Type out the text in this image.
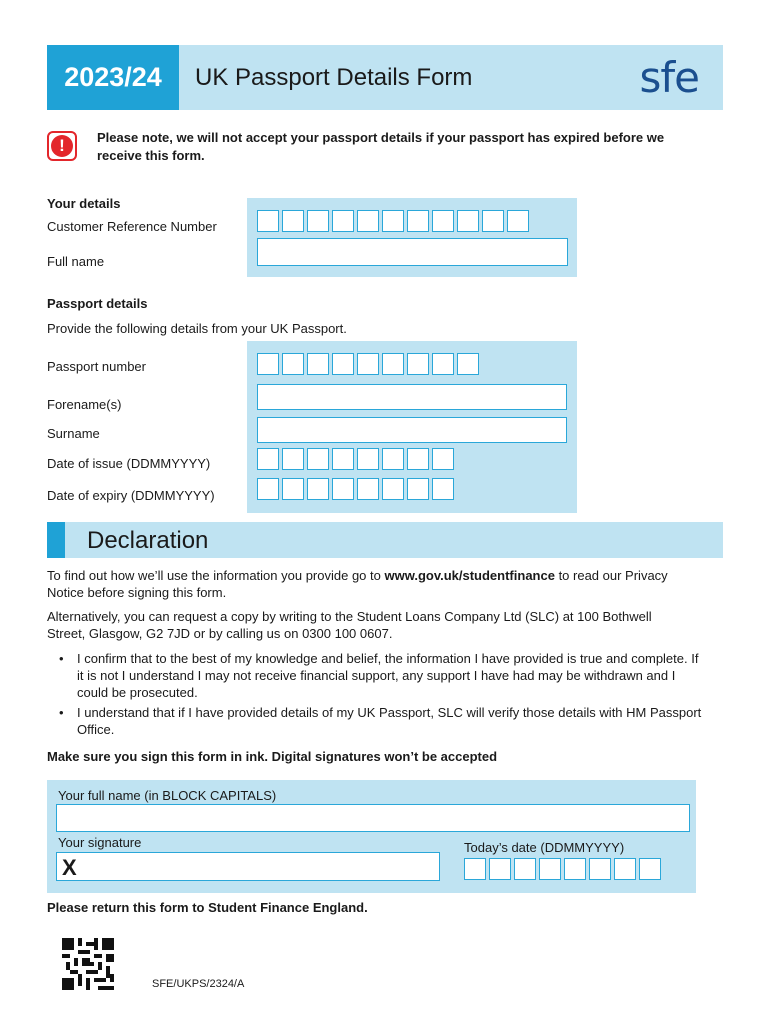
2023/24	UK Passport Details Form	sfe
!	Please note, we will not accept your passport details if your passport has expired before we receive this form.
Your details
Customer Reference Number
Full name
Passport details
Provide the following details from your UK Passport.
Passport number
Forename(s)
Surname
Date of issue (DDMMYYYY)
Date of expiry (DDMMYYYY)
Declaration
To find out how we’ll use the information you provide go to www.gov.uk/studentfinance to read our Privacy Notice before signing this form.
Alternatively, you can request a copy by writing to the Student Loans Company Ltd (SLC) at 100 Bothwell Street, Glasgow, G2 7JD or by calling us on 0300 100 0607.
• I confirm that to the best of my knowledge and belief, the information I have provided is true and complete. If it is not I understand I may not receive financial support, any support I have had may be withdrawn and I could be prosecuted.
• I understand that if I have provided details of my UK Passport, SLC will verify those details with HM Passport Office.
Make sure you sign this form in ink. Digital signatures won’t be accepted
Your full name (in BLOCK CAPITALS)
Your signature
X
Today’s date (DDMMYYYY)
Please return this form to Student Finance England.
SFE/UKPS/2324/A
